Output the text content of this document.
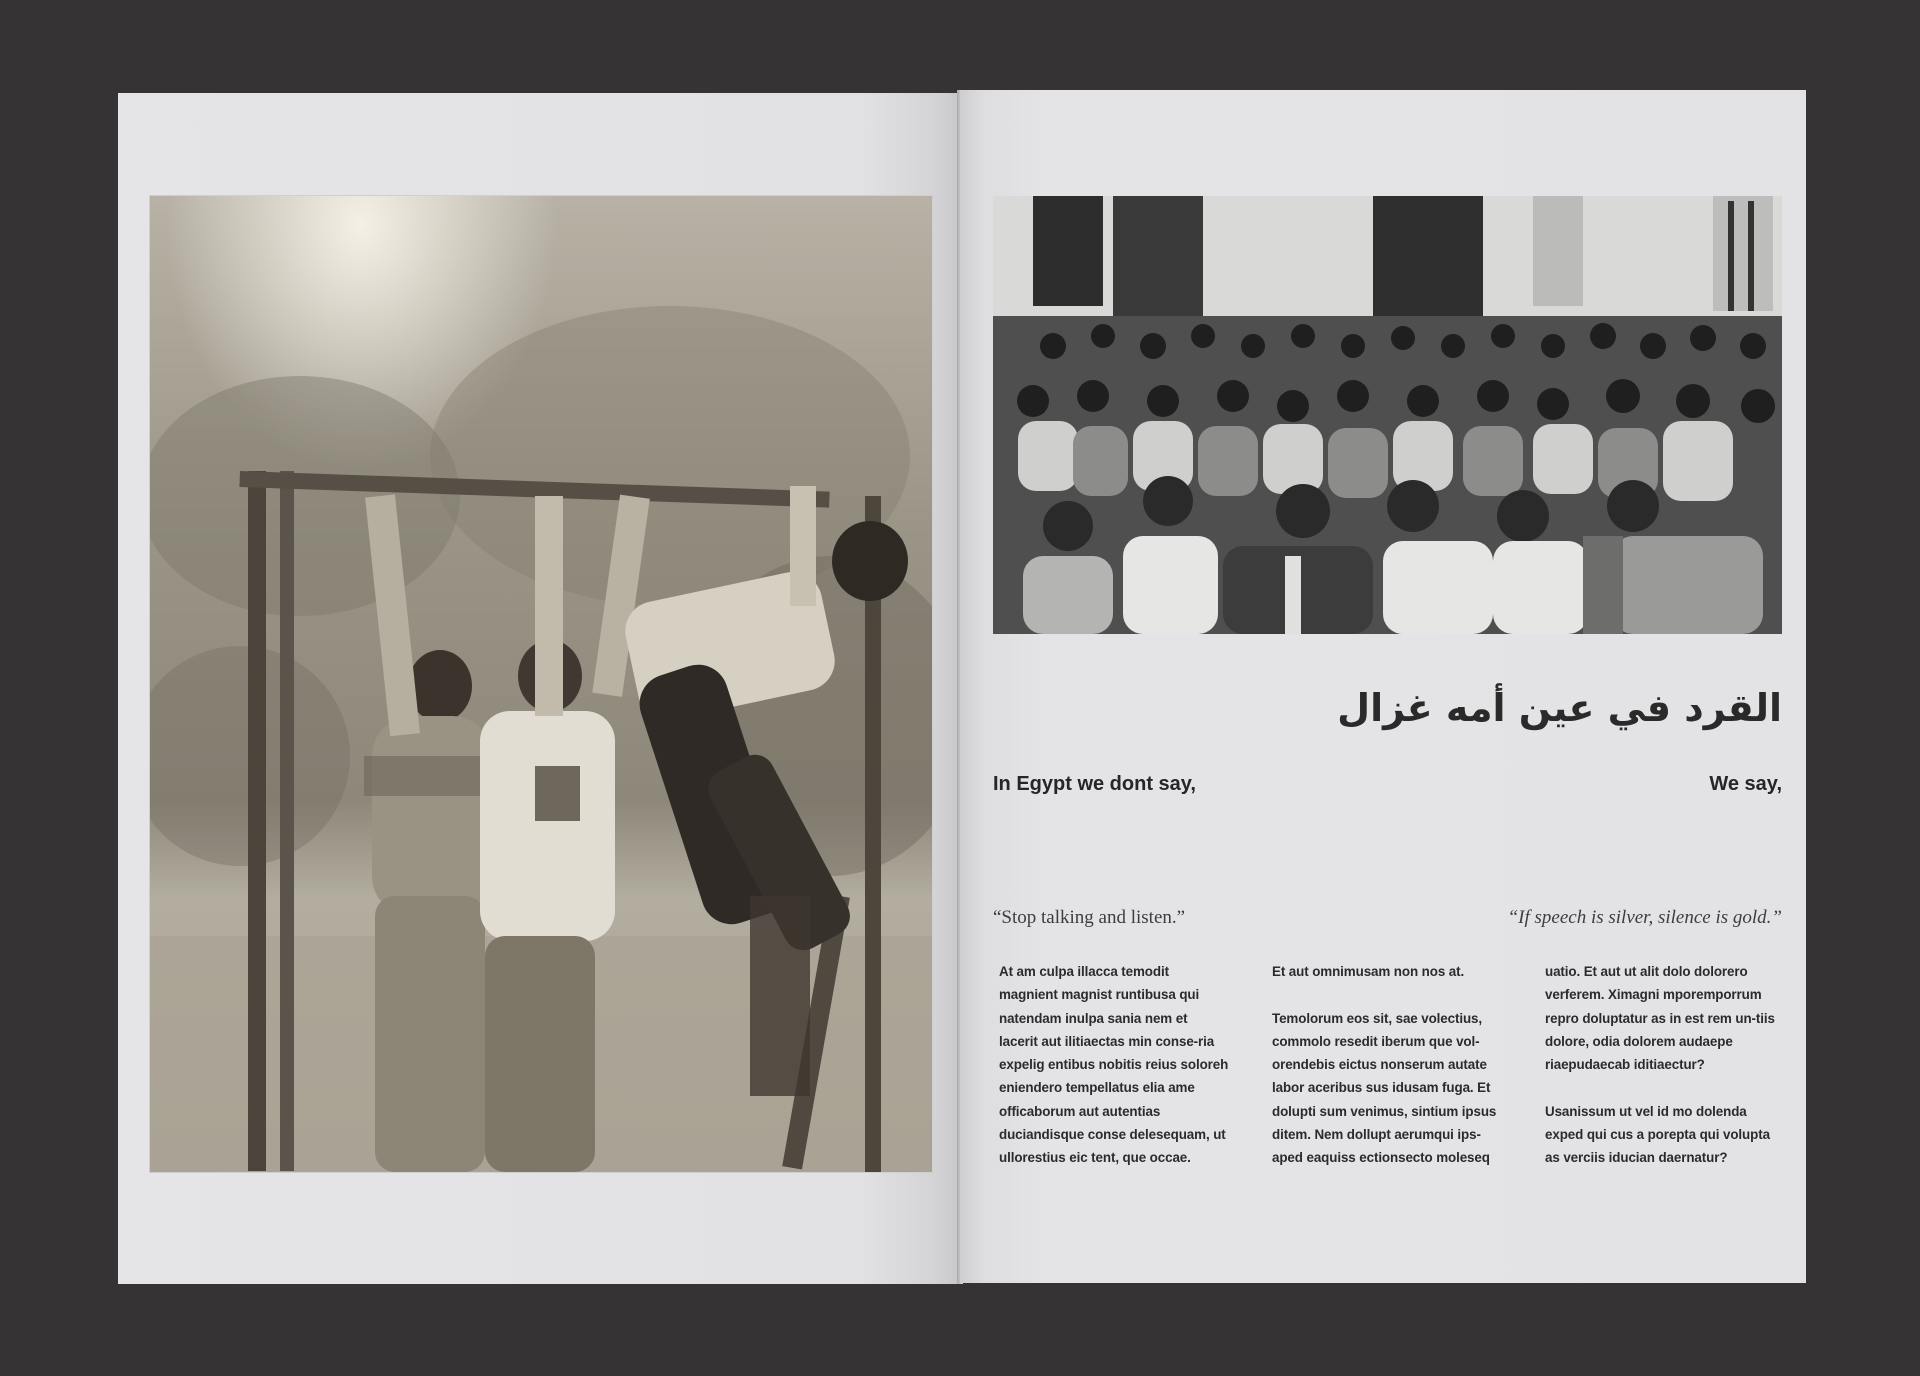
القرد في عين أمه غزال
In Egypt we dont say,	We say,

“Stop talking and listen.”	“If speech is silver, silence is gold.”

At am culpa illacca temodit magnient magnist runtibusa qui natendam inulpa sania nem et lacerit aut ilitiaectas min conse-ria expelig entibus nobitis reius soloreh eniendero tempellatus elia ame officaborum aut autentias duciandisque conse delesequam, ut ullorestius eic tent, que occae.

Et aut omnimusam non nos at.

Temolorum eos sit, sae volectius, commolo resedit iberum que vol-orendebis eictus nonserum autate labor aceribus sus idusam fuga. Et dolupti sum venimus, sintium ipsus ditem. Nem dollupt aerumqui ips-aped eaquiss ectionsecto moleseq

uatio. Et aut ut alit dolo dolorero verferem. Ximagni mporemporrum repro doluptatur as in est rem un-tiis dolore, odia dolorem audaepe riaepudaecab iditiaectur?

Usanissum ut vel id mo dolenda exped qui cus a porepta qui volupta as verciis iducian daernatur?
